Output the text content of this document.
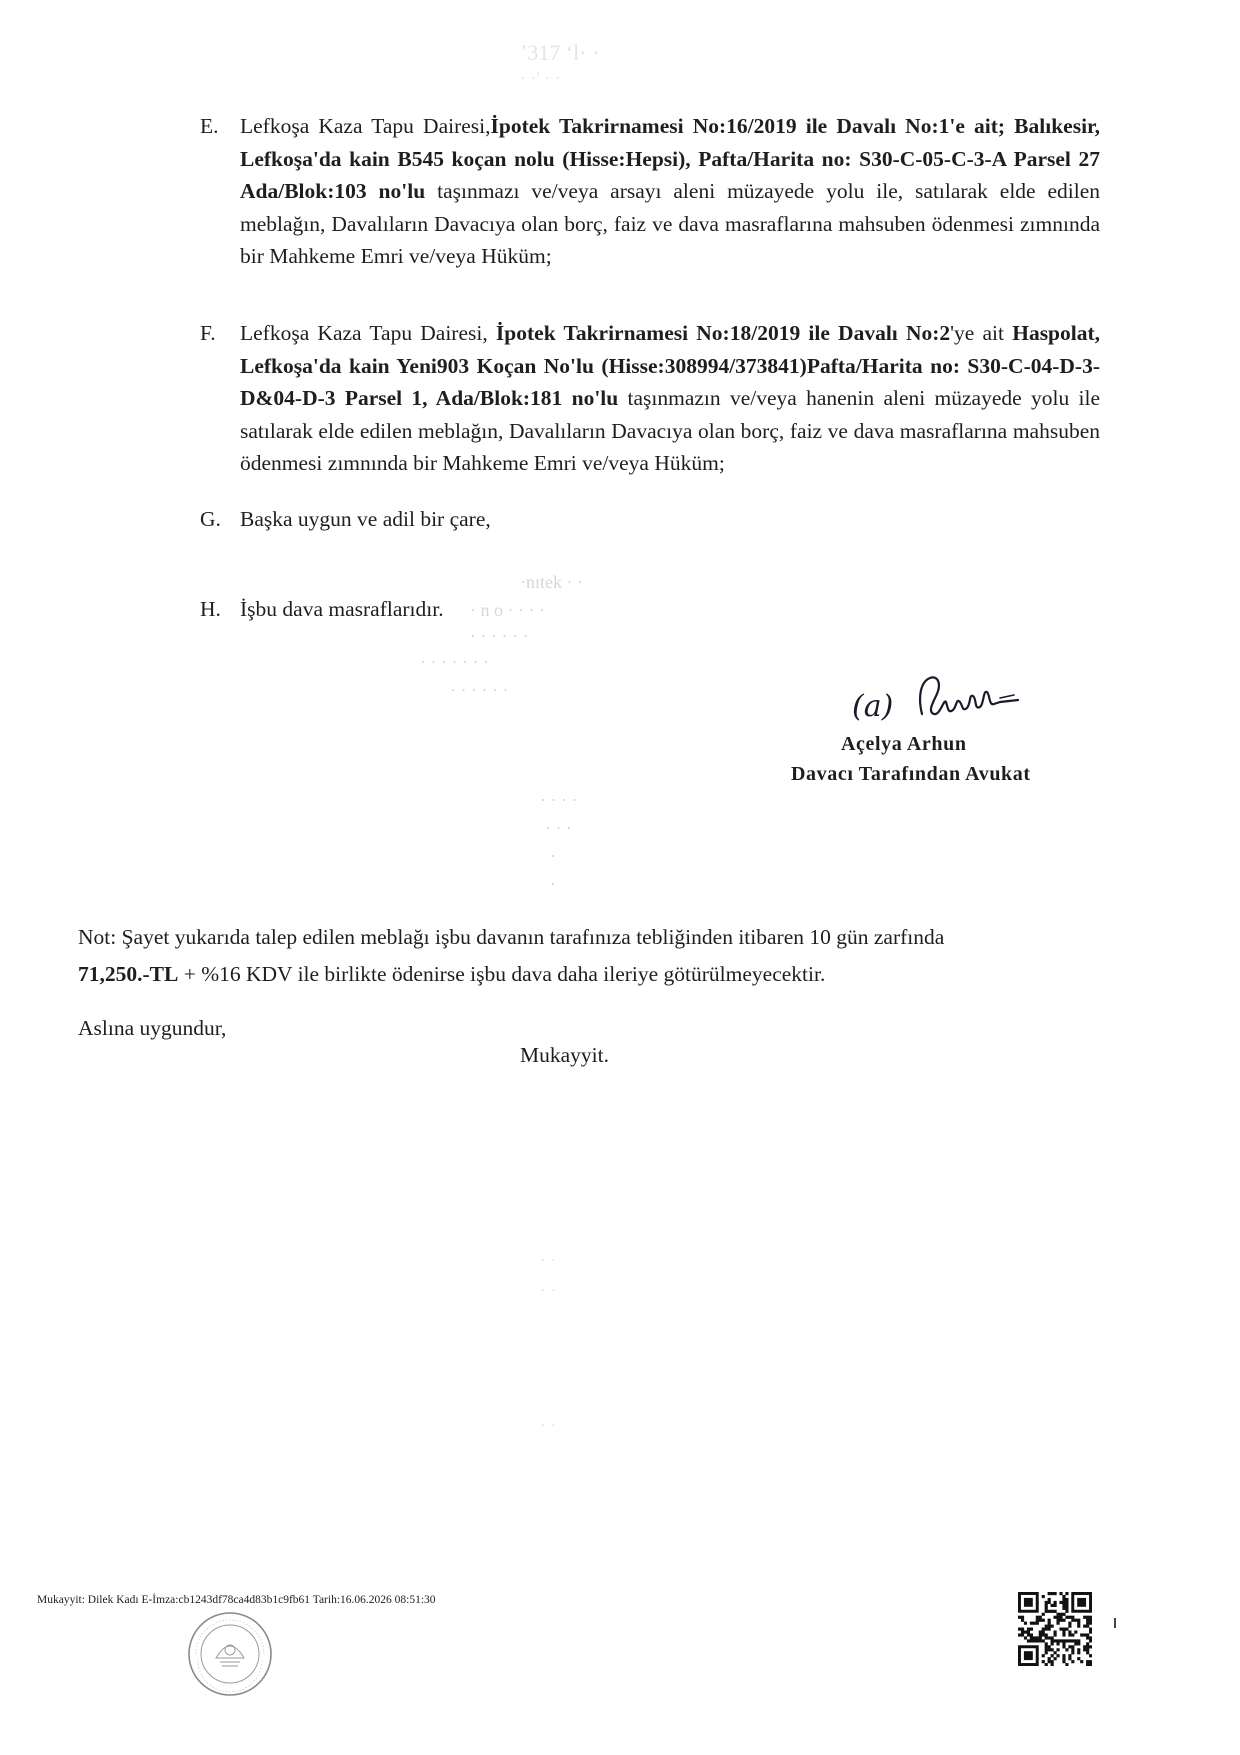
ʼ317 ʻl· ·
· ·' · ·
·nıtek · ·
· n o · · · ·
· · · · · ·
· · · · · · ·
· · · · · ·
· · · ·
· · ·
·
·
· ·
· ·
· ·
E. Lefkoşa Kaza Tapu Dairesi,İpotek Takrirnamesi No:16/2019 ile Davalı No:1'e ait; Balıkesir, Lefkoşa'da kain B545 koçan nolu (Hisse:Hepsi), Pafta/Harita no: S30-C-05-C-3-A Parsel 27 Ada/Blok:103 no'lu taşınmazı ve/veya arsayı aleni müzayede yolu ile, satılarak elde edilen meblağın, Davalıların Davacıya olan borç, faiz ve dava masraflarına mahsuben ödenmesi zımnında bir Mahkeme Emri ve/veya Hüküm;
F. Lefkoşa Kaza Tapu Dairesi, İpotek Takrirnamesi No:18/2019 ile Davalı No:2'ye ait Haspolat, Lefkoşa'da kain Yeni903 Koçan No'lu (Hisse:308994/373841)Pafta/Harita no: S30-C-04-D-3-D&04-D-3 Parsel 1, Ada/Blok:181 no'lu taşınmazın ve/veya hanenin aleni müzayede yolu ile satılarak elde edilen meblağın, Davalıların Davacıya olan borç, faiz ve dava masraflarına mahsuben ödenmesi zımnında bir Mahkeme Emri ve/veya Hüküm;
G. Başka uygun ve adil bir çare,
H. İşbu dava masraflarıdır.
(a)
Açelya Arhun
Davacı Tarafından Avukat
Not: Şayet yukarıda talep edilen meblağı işbu davanın tarafınıza tebliğinden itibaren 10 gün zarfında
71,250.-TL + %16 KDV ile birlikte ödenirse işbu dava daha ileriye götürülmeyecektir.
Aslına uygundur,
Mukayyit.
Mukayyit: Dilek Kadı E-İmza:cb1243df78ca4d83b1c9fb61 Tarih:16.06.2026 08:51:30
